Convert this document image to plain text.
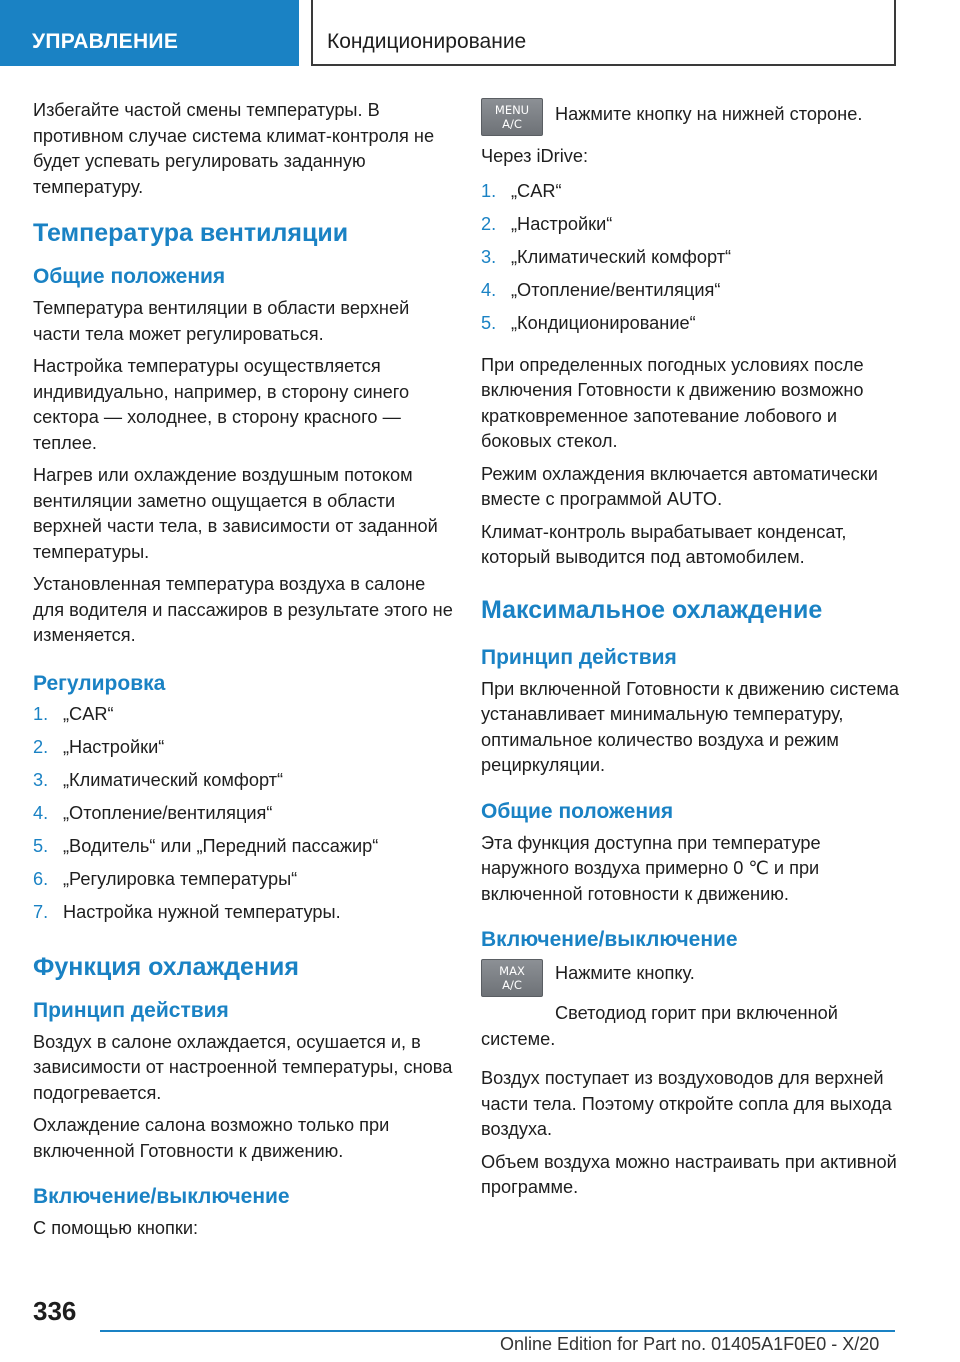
УПРАВЛЕНИЕ	Кондиционирование

Избегайте частой смены температуры. В противном случае система климат-контроля не будет успевать регулировать заданную температуру.

Температура вентиляции
Общие положения

Температура вентиляции в области верхней части тела может регулироваться.

Настройка температуры осуществляется индивидуально, например, в сторону синего сектора — холоднее, в сторону красного — теплее.

Нагрев или охлаждение воздушным потоком вентиляции заметно ощущается в области верхней части тела, в зависимости от заданной температуры.

Установленная температура воздуха в салоне для водителя и пассажиров в результате этого не изменяется.

Регулировка
1. „CAR“
2. „Настройки“
3. „Климатический комфорт“
4. „Отопление/вентиляция“
5. „Водитель“ или „Передний пассажир“
6. „Регулировка температуры“
7. Настройка нужной температуры.
Функция охлаждения
Принцип действия

Воздух в салоне охлаждается, осушается и, в зависимости от настроенной температуры, снова подогревается.

Охлаждение салона возможно только при включенной Готовности к движению.

Включение/выключение

С помощью кнопки:

MENU
A/C	Нажмите кнопку на нижней стороне.

Через iDrive:

1. „CAR“
2. „Настройки“
3. „Климатический комфорт“
4. „Отопление/вентиляция“
5. „Кондиционирование“

При определенных погодных условиях после включения Готовности к движению возможно кратковременное запотевание лобового и боковых стекол.

Режим охлаждения включается автоматически вместе с программой AUTO.

Климат-контроль вырабатывает конденсат, который выводится под автомобилем.

Максимальное охлаждение
Принцип действия

При включенной Готовности к движению система устанавливает минимальную температуру, оптимальное количество воздуха и режим рециркуляции.

Общие положения

Эта функция доступна при температуре наружного воздуха примерно 0 ℃ и при включенной готовности к движению.

Включение/выключение
MAX
A/C

Нажмите кнопку.

Светодиод горит при включенной системе.

Воздух поступает из воздуховодов для верхней части тела. Поэтому откройте сопла для выхода воздуха.

Объем воздуха можно настраивать при активной программе.

336
Online Edition for Part no. 01405A1F0E0 - X/20
